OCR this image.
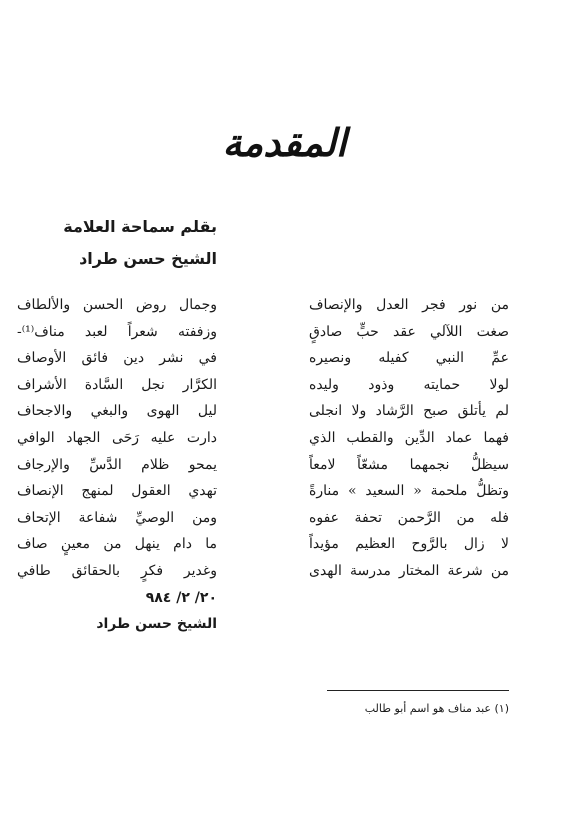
المقدمة
بقلم سماحة العلامة
الشيخ حسن طراد
من نور فجر العدل والإنصاف
صغت اللآلي عقد حبٍّ صادقٍ
عمِّ النبي كفيله ونصيره
لولا حمايته وذود وليده
لم يأتلق صبح الرَّشاد ولا انجلى
فهما عماد الدِّين والقطب الذي
سيظلُّ نجمهما مشعّاً لامعاً
وتظلُّ ملحمة « السعيد » منارةً
فله من الرَّحمن تحفة عفوه
لا زال بالرَّوح العظيم مؤيداً
من شرعة المختار مدرسة الهدى
وجمال روض الحسن والألطاف
وزففته شعراً لعبد مناف⁽¹⁾-
في نشر دين فائق الأوصاف
الكرَّار نجل السَّادة الأشراف
ليل الهوى والبغي والاجحاف
دارت عليه رَحَى الجهاد الوافي
يمحو ظلام الدَّسِّ والإرجاف
تهدي العقول لمنهج الإنصاف
ومن الوصيِّ شفاعة الإتحاف
ما دام ينهل من معينٍ صاف
وغدير فكرٍ بالحقائق طافي
٢٠/ ٢/ ٩٨٤
الشيخ حسن طراد
(١) عبد مناف هو اسم أبو طالب
